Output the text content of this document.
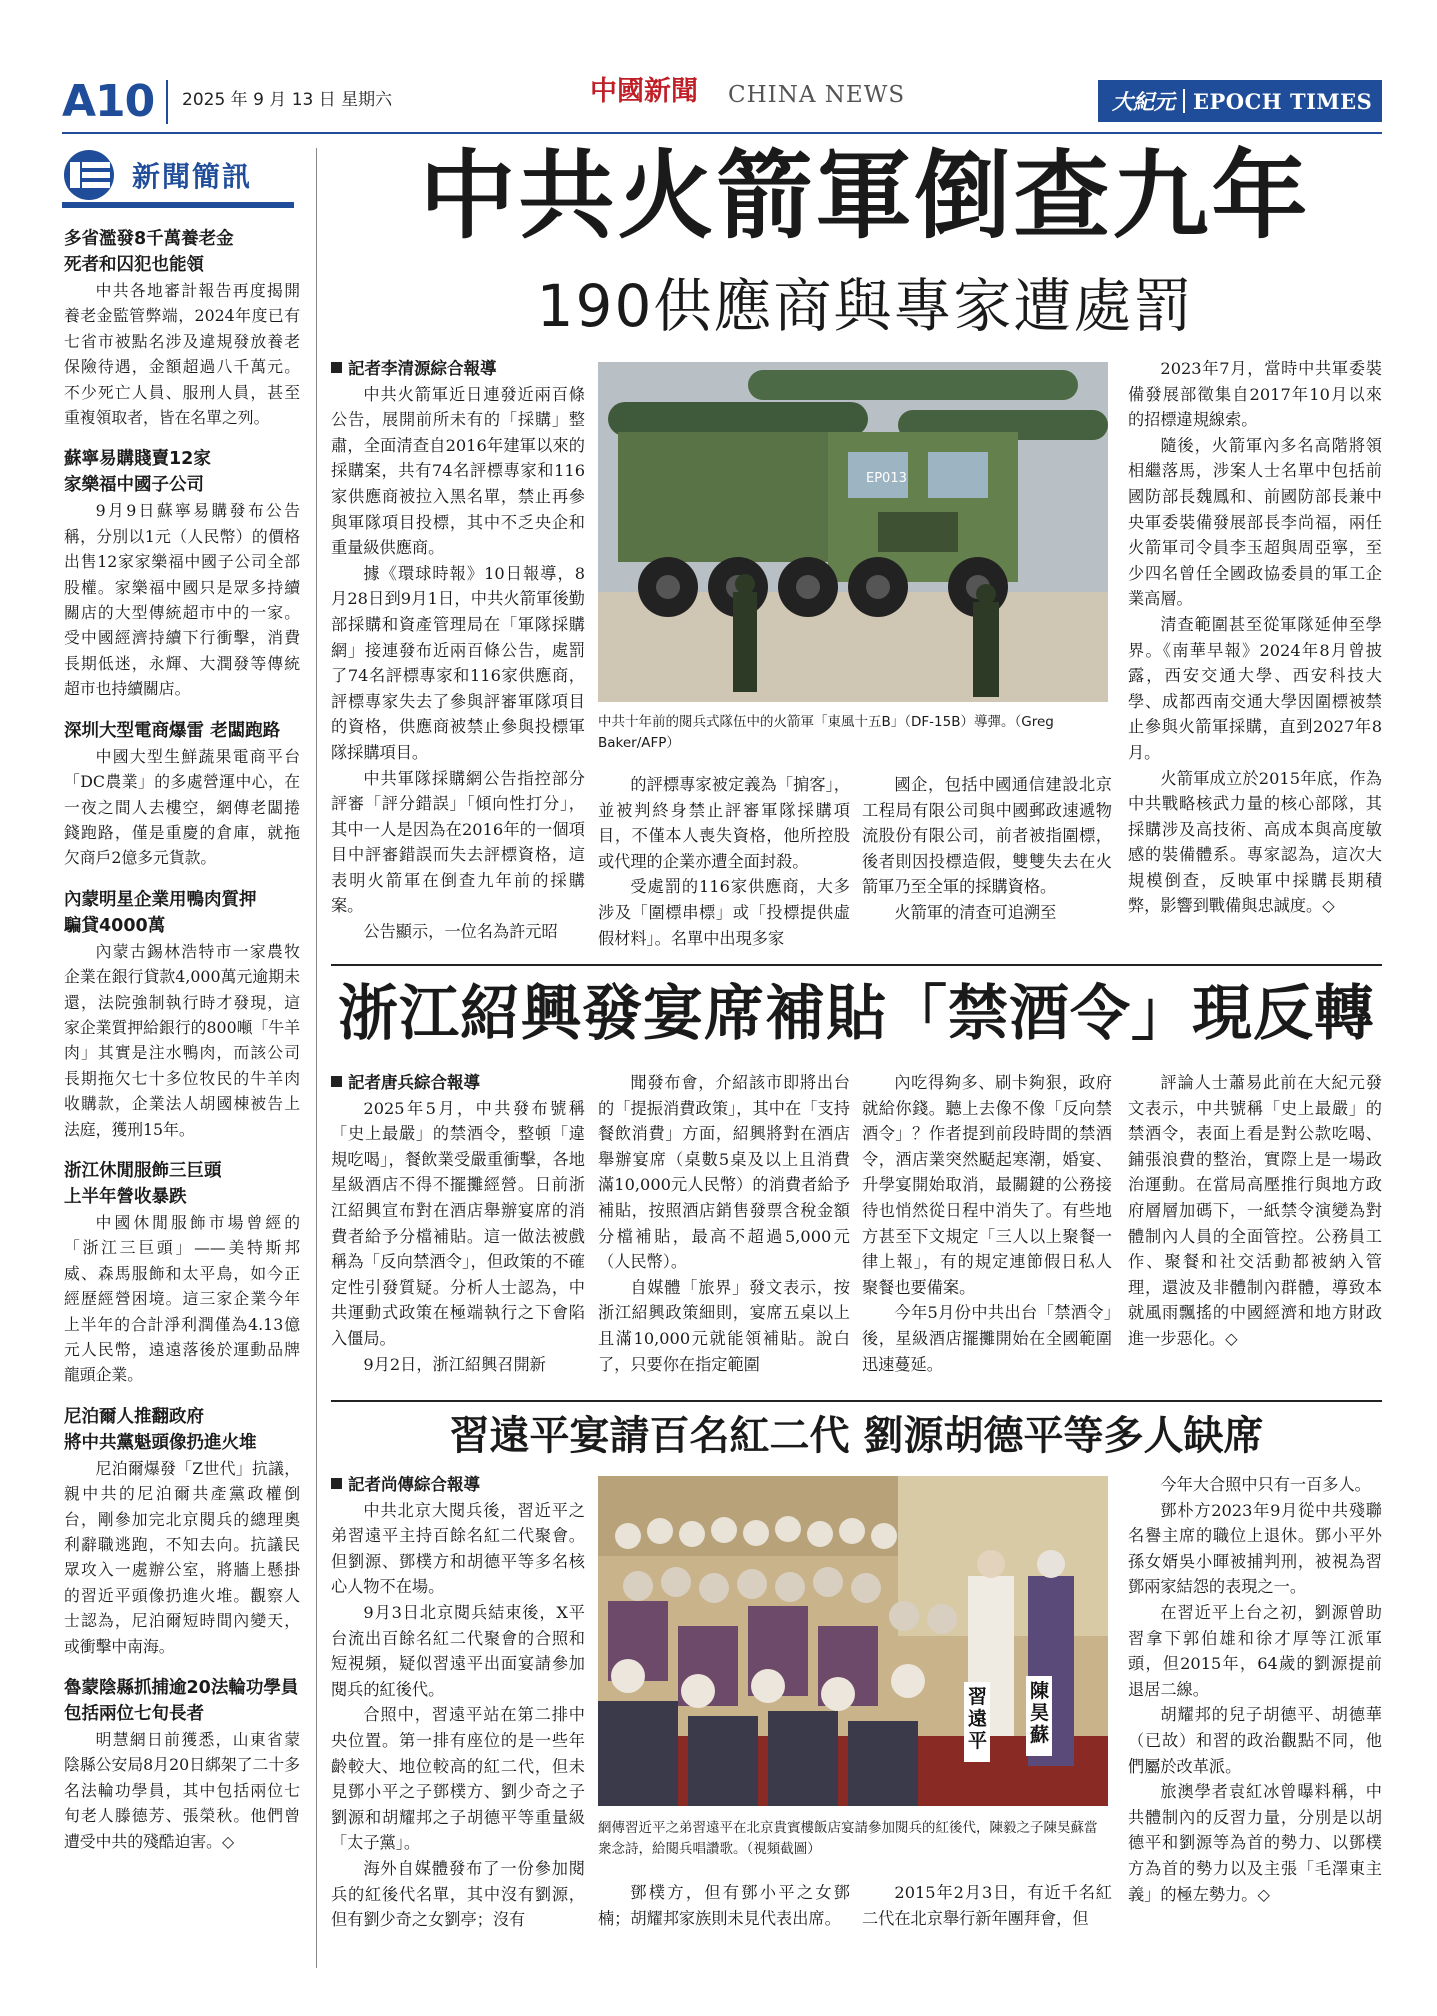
A10 2025 年 9 月 13 日 星期六	中國新聞 CHINA NEWS	大紀元 EPOCH TIMES
新聞簡訊
多省濫發8千萬養老金
死者和囚犯也能領
中共各地審計報告再度揭開養老金監管弊端，2024年度已有七省市被點名涉及違規發放養老保險待遇，金額超過八千萬元。不少死亡人員、服刑人員，甚至重複領取者，皆在名單之列。
蘇寧易購賤賣12家
家樂福中國子公司
9月9日蘇寧易購發布公告稱，分別以1元（人民幣）的價格出售12家家樂福中國子公司全部股權。家樂福中國只是眾多持續關店的大型傳統超市中的一家。受中國經濟持續下行衝擊，消費長期低迷，永輝、大潤發等傳統超市也持續關店。
深圳大型電商爆雷 老闆跑路
中國大型生鮮蔬果電商平台「DC農業」的多處營運中心，在一夜之間人去樓空，網傳老闆捲錢跑路，僅是重慶的倉庫，就拖欠商戶2億多元貨款。
內蒙明星企業用鴨肉質押
騙貸4000萬
內蒙古錫林浩特市一家農牧企業在銀行貸款4,000萬元逾期未還，法院強制執行時才發現，這家企業質押給銀行的800噸「牛羊肉」其實是注水鴨肉，而該公司長期拖欠七十多位牧民的牛羊肉收購款，企業法人胡國棟被告上法庭，獲刑15年。
浙江休閒服飾三巨頭
上半年營收暴跌
中國休閒服飾市場曾經的「浙江三巨頭」——美特斯邦威、森馬服飾和太平鳥，如今正經歷經營困境。這三家企業今年上半年的合計淨利潤僅為4.13億元人民幣，遠遠落後於運動品牌龍頭企業。
尼泊爾人推翻政府
將中共黨魁頭像扔進火堆
尼泊爾爆發「Z世代」抗議，親中共的尼泊爾共產黨政權倒台，剛參加完北京閱兵的總理奧利辭職逃跑，不知去向。抗議民眾攻入一處辦公室，將牆上懸掛的習近平頭像扔進火堆。觀察人士認為，尼泊爾短時間內變天，或衝擊中南海。
魯蒙陰縣抓捕逾20法輪功學員
包括兩位七旬長者
明慧網日前獲悉，山東省蒙陰縣公安局8月20日綁架了二十多名法輪功學員，其中包括兩位七旬老人滕德芳、張榮秋。他們曾遭受中共的殘酷迫害。◇
中共火箭軍倒查九年
190供應商與專家遭處罰
記者李清源綜合報導

中共火箭軍近日連發近兩百條公告，展開前所未有的「採購」整肅，全面清查自2016年建軍以來的採購案，共有74名評標專家和116家供應商被拉入黑名單，禁止再參與軍隊項目投標，其中不乏央企和重量級供應商。

據《環球時報》10日報導，8月28日到9月1日，中共火箭軍後勤部採購和資產管理局在「軍隊採購網」接連發布近兩百條公告，處罰了74名評標專家和116家供應商，評標專家失去了參與評審軍隊項目的資格，供應商被禁止參與投標軍隊採購項目。

中共軍隊採購網公告指控部分評審「評分錯誤」「傾向性打分」，其中一人是因為在2016年的一個項目中評審錯誤而失去評標資格，這表明火箭軍在倒查九年前的採購案。

公告顯示，一位名為許元昭

EP013
中共十年前的閱兵式隊伍中的火箭軍「東風十五B」（DF-15B）導彈。（Greg Baker/AFP）

的評標專家被定義為「掮客」，並被判終身禁止評審軍隊採購項目，不僅本人喪失資格，他所控股或代理的企業亦遭全面封殺。

受處罰的116家供應商，大多涉及「圍標串標」或「投標提供虛假材料」。名單中出現多家

國企，包括中國通信建設北京工程局有限公司與中國郵政速遞物流股份有限公司，前者被指圍標，後者則因投標造假，雙雙失去在火箭軍乃至全軍的採購資格。

火箭軍的清查可追溯至

2023年7月，當時中共軍委裝備發展部徵集自2017年10月以來的招標違規線索。

隨後，火箭軍內多名高階將領相繼落馬，涉案人士名單中包括前國防部長魏鳳和、前國防部長兼中央軍委裝備發展部長李尚福，兩任火箭軍司令員李玉超與周亞寧，至少四名曾任全國政協委員的軍工企業高層。

清查範圍甚至從軍隊延伸至學界。《南華早報》2024年8月曾披露，西安交通大學、西安科技大學、成都西南交通大學因圍標被禁止參與火箭軍採購，直到2027年8月。

火箭軍成立於2015年底，作為中共戰略核武力量的核心部隊，其採購涉及高技術、高成本與高度敏感的裝備體系。專家認為，這次大規模倒查，反映軍中採購長期積弊，影響到戰備與忠誠度。◇

浙江紹興發宴席補貼「禁酒令」現反轉
記者唐兵綜合報導

2025年5月，中共發布號稱「史上最嚴」的禁酒令，整頓「違規吃喝」，餐飲業受嚴重衝擊，各地星級酒店不得不擺攤經營。日前浙江紹興宣布對在酒店舉辦宴席的消費者給予分檔補貼。這一做法被戲稱為「反向禁酒令」，但政策的不確定性引發質疑。分析人士認為，中共運動式政策在極端執行之下會陷入僵局。

9月2日，浙江紹興召開新

聞發布會，介紹該市即將出台的「提振消費政策」，其中在「支持餐飲消費」方面，紹興將對在酒店舉辦宴席（桌數5桌及以上且消費滿10,000元人民幣）的消費者給予補貼，按照酒店銷售發票含稅金額分檔補貼，最高不超過5,000元（人民幣）。

自媒體「旅界」發文表示，按浙江紹興政策細則，宴席五桌以上且滿10,000元就能領補貼。說白了，只要你在指定範圍

內吃得夠多、刷卡夠狠，政府就給你錢。聽上去像不像「反向禁酒令」？作者提到前段時間的禁酒令，酒店業突然颳起寒潮，婚宴、升學宴開始取消，最關鍵的公務接待也悄然從日程中消失了。有些地方甚至下文規定「三人以上聚餐一律上報」，有的規定連節假日私人聚餐也要備案。

今年5月份中共出台「禁酒令」後，星級酒店擺攤開始在全國範圍迅速蔓延。

評論人士蕭易此前在大紀元發文表示，中共號稱「史上最嚴」的禁酒令，表面上看是對公款吃喝、鋪張浪費的整治，實際上是一場政治運動。在當局高壓推行與地方政府層層加碼下，一紙禁令演變為對體制內人員的全面管控。公務員工作、聚餐和社交活動都被納入管理，還波及非體制內群體，導致本就風雨飄搖的中國經濟和地方財政進一步惡化。◇

習遠平宴請百名紅二代 劉源胡德平等多人缺席
記者尚傳綜合報導

中共北京大閱兵後，習近平之弟習遠平主持百餘名紅二代聚會。但劉源、鄧樸方和胡德平等多名核心人物不在場。

9月3日北京閱兵結束後，X平台流出百餘名紅二代聚會的合照和短視頻，疑似習遠平出面宴請參加閱兵的紅後代。

合照中，習遠平站在第二排中央位置。第一排有座位的是一些年齡較大、地位較高的紅二代，但未見鄧小平之子鄧樸方、劉少奇之子劉源和胡耀邦之子胡德平等重量級「太子黨」。

海外自媒體發布了一份參加閱兵的紅後代名單，其中沒有劉源，但有劉少奇之女劉亭；沒有

習遠平
陳昊蘇
網傳習近平之弟習遠平在北京貴賓樓飯店宴請參加閱兵的紅後代，陳毅之子陳昊蘇當衆念詩，給閱兵唱讚歌。（視頻截圖）

鄧樸方，但有鄧小平之女鄧楠；胡耀邦家族則未見代表出席。

2015年2月3日，有近千名紅二代在北京舉行新年團拜會，但

今年大合照中只有一百多人。

鄧朴方2023年9月從中共殘聯名譽主席的職位上退休。鄧小平外孫女婿吳小暉被捕判刑，被視為習鄧兩家結怨的表現之一。

在習近平上台之初，劉源曾助習拿下郭伯雄和徐才厚等江派軍頭，但2015年，64歲的劉源提前退居二線。

胡耀邦的兒子胡德平、胡德華（已故）和習的政治觀點不同，他們屬於改革派。

旅澳學者袁紅冰曾曝料稱，中共體制內的反習力量，分別是以胡德平和劉源等為首的勢力、以鄧樸方為首的勢力以及主張「毛澤東主義」的極左勢力。◇
